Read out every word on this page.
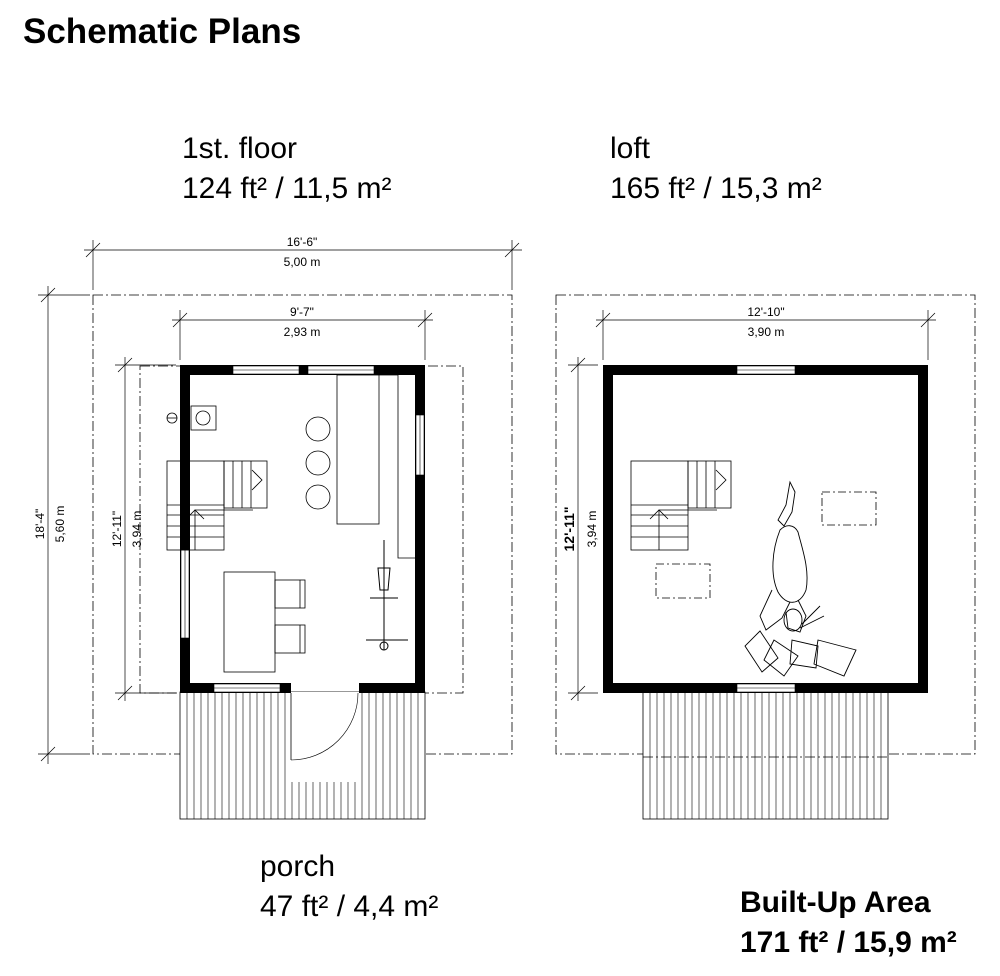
Schematic Plans
1st. floor
124 ft² / 11,5 m²
loft
165 ft² / 15,3 m²
porch
47 ft² / 4,4 m²	Built-Up Area
171 ft² / 15,9 m²
16'-6"
5,00 m
9'-7"
2,93 m
18'-4" 5,60 m	12'-11" 3,94 m
12'-10"
3,90 m
12'-11" 3,94 m
